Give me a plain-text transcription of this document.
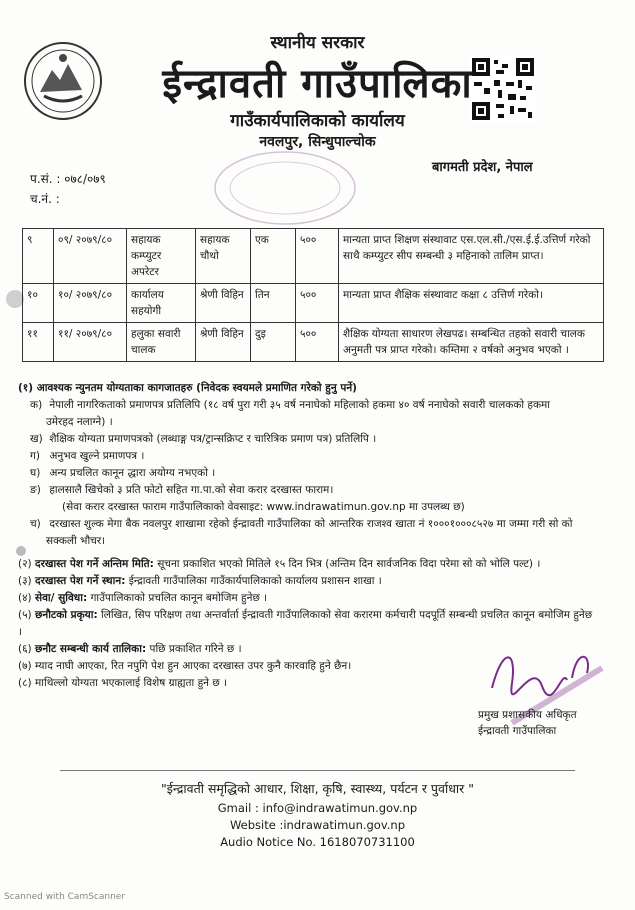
स्थानीय सरकार
ईन्द्रावती गाउँपालिका
गाउँकार्यपालिकाको कार्यालय
नवलपुर, सिन्धुपाल्चोक
बागमती प्रदेश, नेपाल
प.सं. : ०७८/०७९
च.नं. :
९	०९/ २०७९/८०	सहायक कम्प्युटर अपरेटर	सहायक चौथो	एक	५००	मान्यता प्राप्त शिक्षण संस्थावाट एस.एल.सी./एस.ई.ई.उत्तिर्ण गरेको साथै कम्प्युटर सीप सम्बन्धी ३ महिनाको तालिम प्राप्त।
१०	१०/ २०७९/८०	कार्यालय सहयोगी	श्रेणी विहिन	तिन	५००	मान्यता प्राप्त शैक्षिक संस्थावाट कक्षा ८ उत्तिर्ण गरेको।
११	११/ २०७९/८०	हलुका सवारी चालक	श्रेणी विहिन	दुइ	५००	शैक्षिक योग्यता साधारण लेखपढ। सम्बन्धित तहको सवारी चालक अनुमती पत्र प्राप्त गरेको। कम्तिमा २ वर्षको अनुभव भएको ।
(१) आवश्यक न्युनतम योग्यताका कागजातहरु (निवेदक स्वयमले प्रमाणित गरेको हुनु पर्ने)
क) नेपाली नागरिकताको प्रमाणपत्र प्रतिलिपि (१८ वर्ष पुरा गरी ३५ वर्ष ननाघेको महिलाको हकमा ४० वर्ष ननाघेको सवारी चालकको हकमा उमेरहद नलाग्ने) ।
ख) शैक्षिक योग्यता प्रमाणपत्रको (लब्धाङ्ग पत्र/ट्रान्सक्रिप्ट र चारित्रिक प्रमाण पत्र) प्रतिलिपि ।
ग) अनुभव खुल्ने प्रमाणपत्र ।
घ) अन्य प्रचलित कानून द्धारा अयोग्य नभएको ।
ङ) हालसालै खिचेको ३ प्रति फोटो सहित गा.पा.को सेवा करार दरखास्त फाराम।
(सेवा करार दरखास्त फाराम गाउँपालिकाको वेवसाइट: www.indrawatimun.gov.np मा उपलब्ध छ)
च) दरखास्त शुल्क मेगा बैक नवलपुर शाखामा रहेको ईन्द्रावती गाउँपालिका को आन्तरिक राजश्व खाता नं १०००१०००८५२७ मा जम्मा गरी सो को सक्कली भौचर।
(२) दरखास्त पेश गर्ने अन्तिम मिति: सूचना प्रकाशित भएको मितिले १५ दिन भित्र (अन्तिम दिन सार्वजनिक विदा परेमा सो को भोलि पल्ट) ।
(३) दरखास्त पेश गर्ने स्थान: ईन्द्रावती गाउँपालिका गाउँकार्यपालिकाको कार्यालय प्रशासन शाखा ।
(४) सेवा/ सुविधा: गाउँपालिकाको प्रचलित कानून बमोजिम हुनेछ ।
(५) छनौटको प्रकृया: लिखित, सिप परिक्षण तथा अन्तर्वार्ता ईन्द्रावती गाउँपालिकाको सेवा करारमा कर्मचारी पदपूर्ति सम्बन्धी प्रचलित कानून बमोजिम हुनेछ ।
(६) छनौट सम्बन्धी कार्य तालिका: पछि प्रकाशित गरिने छ ।
(७) म्याद नाघी आएका, रित नपुगि पेश हुन आएका दरखास्त उपर कुनै कारवाहि हुने छैन।
(८) माथिल्लो योग्यता भएकालाई विशेष ग्राह्यता हुने छ ।
प्रमुख प्रशासकीय अधिकृत
ईन्द्रावती गाउँपालिका
"ईन्द्रावती समृद्धिको आधार, शिक्षा, कृषि, स्वास्थ्य, पर्यटन र पुर्वाधार "
Gmail : info@indrawatimun.gov.np
Website :indrawatimun.gov.np
Audio Notice No. 1618070731100
Scanned with CamScanner
